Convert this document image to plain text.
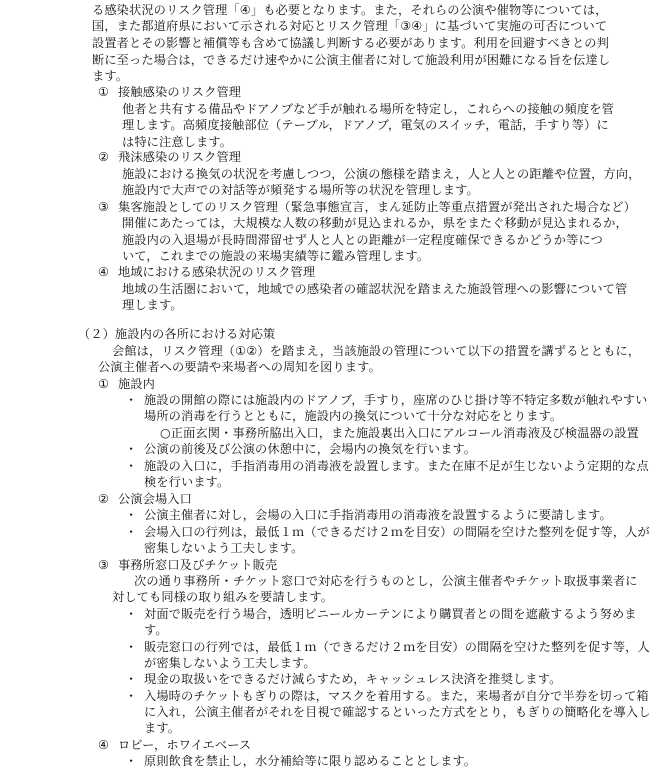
る感染状況のリスク管理「④」も必要となります。また，それらの公演や催物等については，
国，また都道府県において示される対応とリスク管理「③④」に基づいて実施の可否について
設置者とその影響と補償等も含めて協議し判断する必要があります。利用を回避すべきとの判
断に至った場合は，できるだけ速やかに公演主催者に対して施設利用が困難になる旨を伝達し
ます。
① 接触感染のリスク管理
他者と共有する備品やドアノブなど手が触れる場所を特定し，これらへの接触の頻度を管
理します。高頻度接触部位（テーブル，ドアノブ，電気のスイッチ，電話，手すり等）に
は特に注意します。
② 飛沫感染のリスク管理
施設における換気の状況を考慮しつつ，公演の態様を踏まえ，人と人との距離や位置，方向，
施設内で大声での対話等が頻発する場所等の状況を管理します。
③ 集客施設としてのリスク管理（緊急事態宣言，まん延防止等重点措置が発出された場合など）
開催にあたっては，大規模な人数の移動が見込まれるか，県をまたぐ移動が見込まれるか，
施設内の入退場が長時間滞留せず人と人との距離が一定程度確保できるかどうか等につ
いて，これまでの施設の来場実績等に鑑み管理します。
④ 地域における感染状況のリスク管理
地域の生活圏において，地域での感染者の確認状況を踏まえた施設管理への影響について管
理します。
（２）施設内の各所における対応策
会館は，リスク管理（①②）を踏まえ，当該施設の管理について以下の措置を講ずるとともに，
公演主催者への要請や来場者への周知を図ります。
① 施設内
・ 施設の開館の際には施設内のドアノブ，手すり，座席のひじ掛け等不特定多数が触れやすい
場所の消毒を行うとともに，施設内の換気について十分な対応をとります。
○正面玄関・事務所脇出入口，また施設裏出入口にアルコール消毒液及び検温器の設置
・ 公演の前後及び公演の休憩中に，会場内の換気を行います。
・ 施設の入口に，手指消毒用の消毒液を設置します。また在庫不足が生じないよう定期的な点
検を行います。
② 公演会場入口
・ 公演主催者に対し，会場の入口に手指消毒用の消毒液を設置するように要請します。
・ 会場入口の行列は，最低１ｍ（できるだけ２ｍを目安）の間隔を空けた整列を促す等，人が
密集しないよう工夫します。
③ 事務所窓口及びチケット販売
次の通り事務所・チケット窓口で対応を行うものとし，公演主催者やチケット取扱事業者に
対しても同様の取り組みを要請します。
・ 対面で販売を行う場合，透明ビニールカーテンにより購買者との間を遮蔽するよう努めま
す。
・ 販売窓口の行列では，最低１ｍ（できるだけ２ｍを目安）の間隔を空けた整列を促す等，人
が密集しないよう工夫します。
・ 現金の取扱いをできるだけ減らすため，キャッシュレス決済を推奨します。
・ 入場時のチケットもぎりの際は，マスクを着用する。また，来場者が自分で半券を切って箱
に入れ，公演主催者がそれを目視で確認するといった方式をとり，もぎりの簡略化を導入し
ます。
④ ロビー，ホワイエベース
・ 原則飲食を禁止し，水分補給等に限り認めることとします。
